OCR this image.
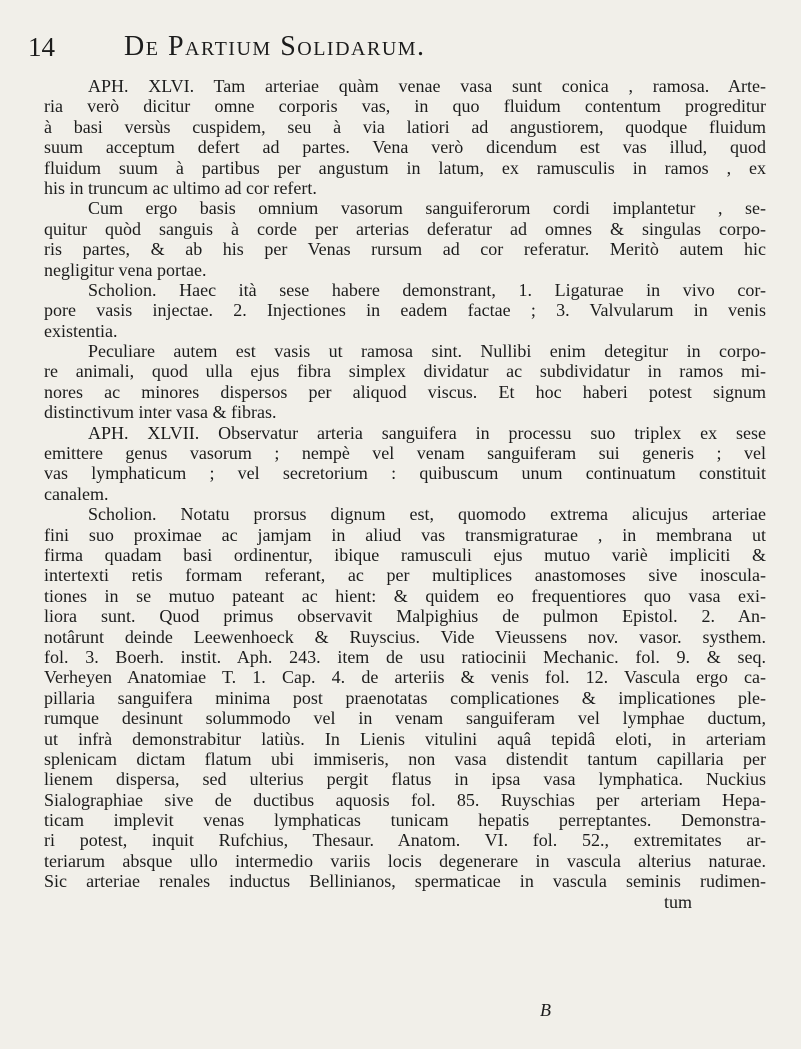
14 De Partium Solidarum.
APH. XLVI. Tam arteriae quàm venae vasa sunt conica , ramosa. Arte-
ria verò dicitur omne corporis vas, in quo fluidum contentum progreditur
à basi versùs cuspidem, seu à via latiori ad angustiorem, quodque fluidum
suum acceptum defert ad partes. Vena verò dicendum est vas illud, quod
fluidum suum à partibus per angustum in latum, ex ramusculis in ramos , ex
his in truncum ac ultimo ad cor refert.
Cum ergo basis omnium vasorum sanguiferorum cordi implantetur , se-
quitur quòd sanguis à corde per arterias deferatur ad omnes & singulas corpo-
ris partes, & ab his per Venas rursum ad cor referatur. Meritò autem hic
negligitur vena portae.
Scholion. Haec ità sese habere demonstrant, 1. Ligaturae in vivo cor-
pore vasis injectae. 2. Injectiones in eadem factae ; 3. Valvularum in venis
existentia.
Peculiare autem est vasis ut ramosa sint. Nullibi enim detegitur in corpo-
re animali, quod ulla ejus fibra simplex dividatur ac subdividatur in ramos mi-
nores ac minores dispersos per aliquod viscus. Et hoc haberi potest signum
distinctivum inter vasa & fibras.
APH. XLVII. Observatur arteria sanguifera in processu suo triplex ex sese
emittere genus vasorum ; nempè vel venam sanguiferam sui generis ; vel
vas lymphaticum ; vel secretorium : quibuscum unum continuatum constituit
canalem.
Scholion. Notatu prorsus dignum est, quomodo extrema alicujus arteriae
fini suo proximae ac jamjam in aliud vas transmigraturae , in membrana ut
firma quadam basi ordinentur, ibique ramusculi ejus mutuo variè impliciti &
intertexti retis formam referant, ac per multiplices anastomoses sive inoscula-
tiones in se mutuo pateant ac hient: & quidem eo frequentiores quo vasa exi-
liora sunt. Quod primus observavit Malpighius de pulmon Epistol. 2. An-
notârunt deinde Leewenhoeck & Ruyscius. Vide Vieussens nov. vasor. systhem.
fol. 3. Boerh. instit. Aph. 243. item de usu ratiocinii Mechanic. fol. 9. & seq.
Verheyen Anatomiae T. 1. Cap. 4. de arteriis & venis fol. 12. Vascula ergo ca-
pillaria sanguifera minima post praenotatas complicationes & implicationes ple-
rumque desinunt solummodo vel in venam sanguiferam vel lymphae ductum,
ut infrà demonstrabitur latiùs. In Lienis vitulini aquâ tepidâ eloti, in arteriam
splenicam dictam flatum ubi immiseris, non vasa distendit tantum capillaria per
lienem dispersa, sed ulterius pergit flatus in ipsa vasa lymphatica. Nuckius
Sialographiae sive de ductibus aquosis fol. 85. Ruyschias per arteriam Hepa-
ticam implevit venas lymphaticas tunicam hepatis perreptantes. Demonstra-
ri potest, inquit Rufchius, Thesaur. Anatom. VI. fol. 52., extremitates ar-
teriarum absque ullo intermedio variis locis degenerare in vascula alterius naturae.
Sic arteriae renales inductus Bellinianos, spermaticae in vascula seminis rudimen-
tum
B
